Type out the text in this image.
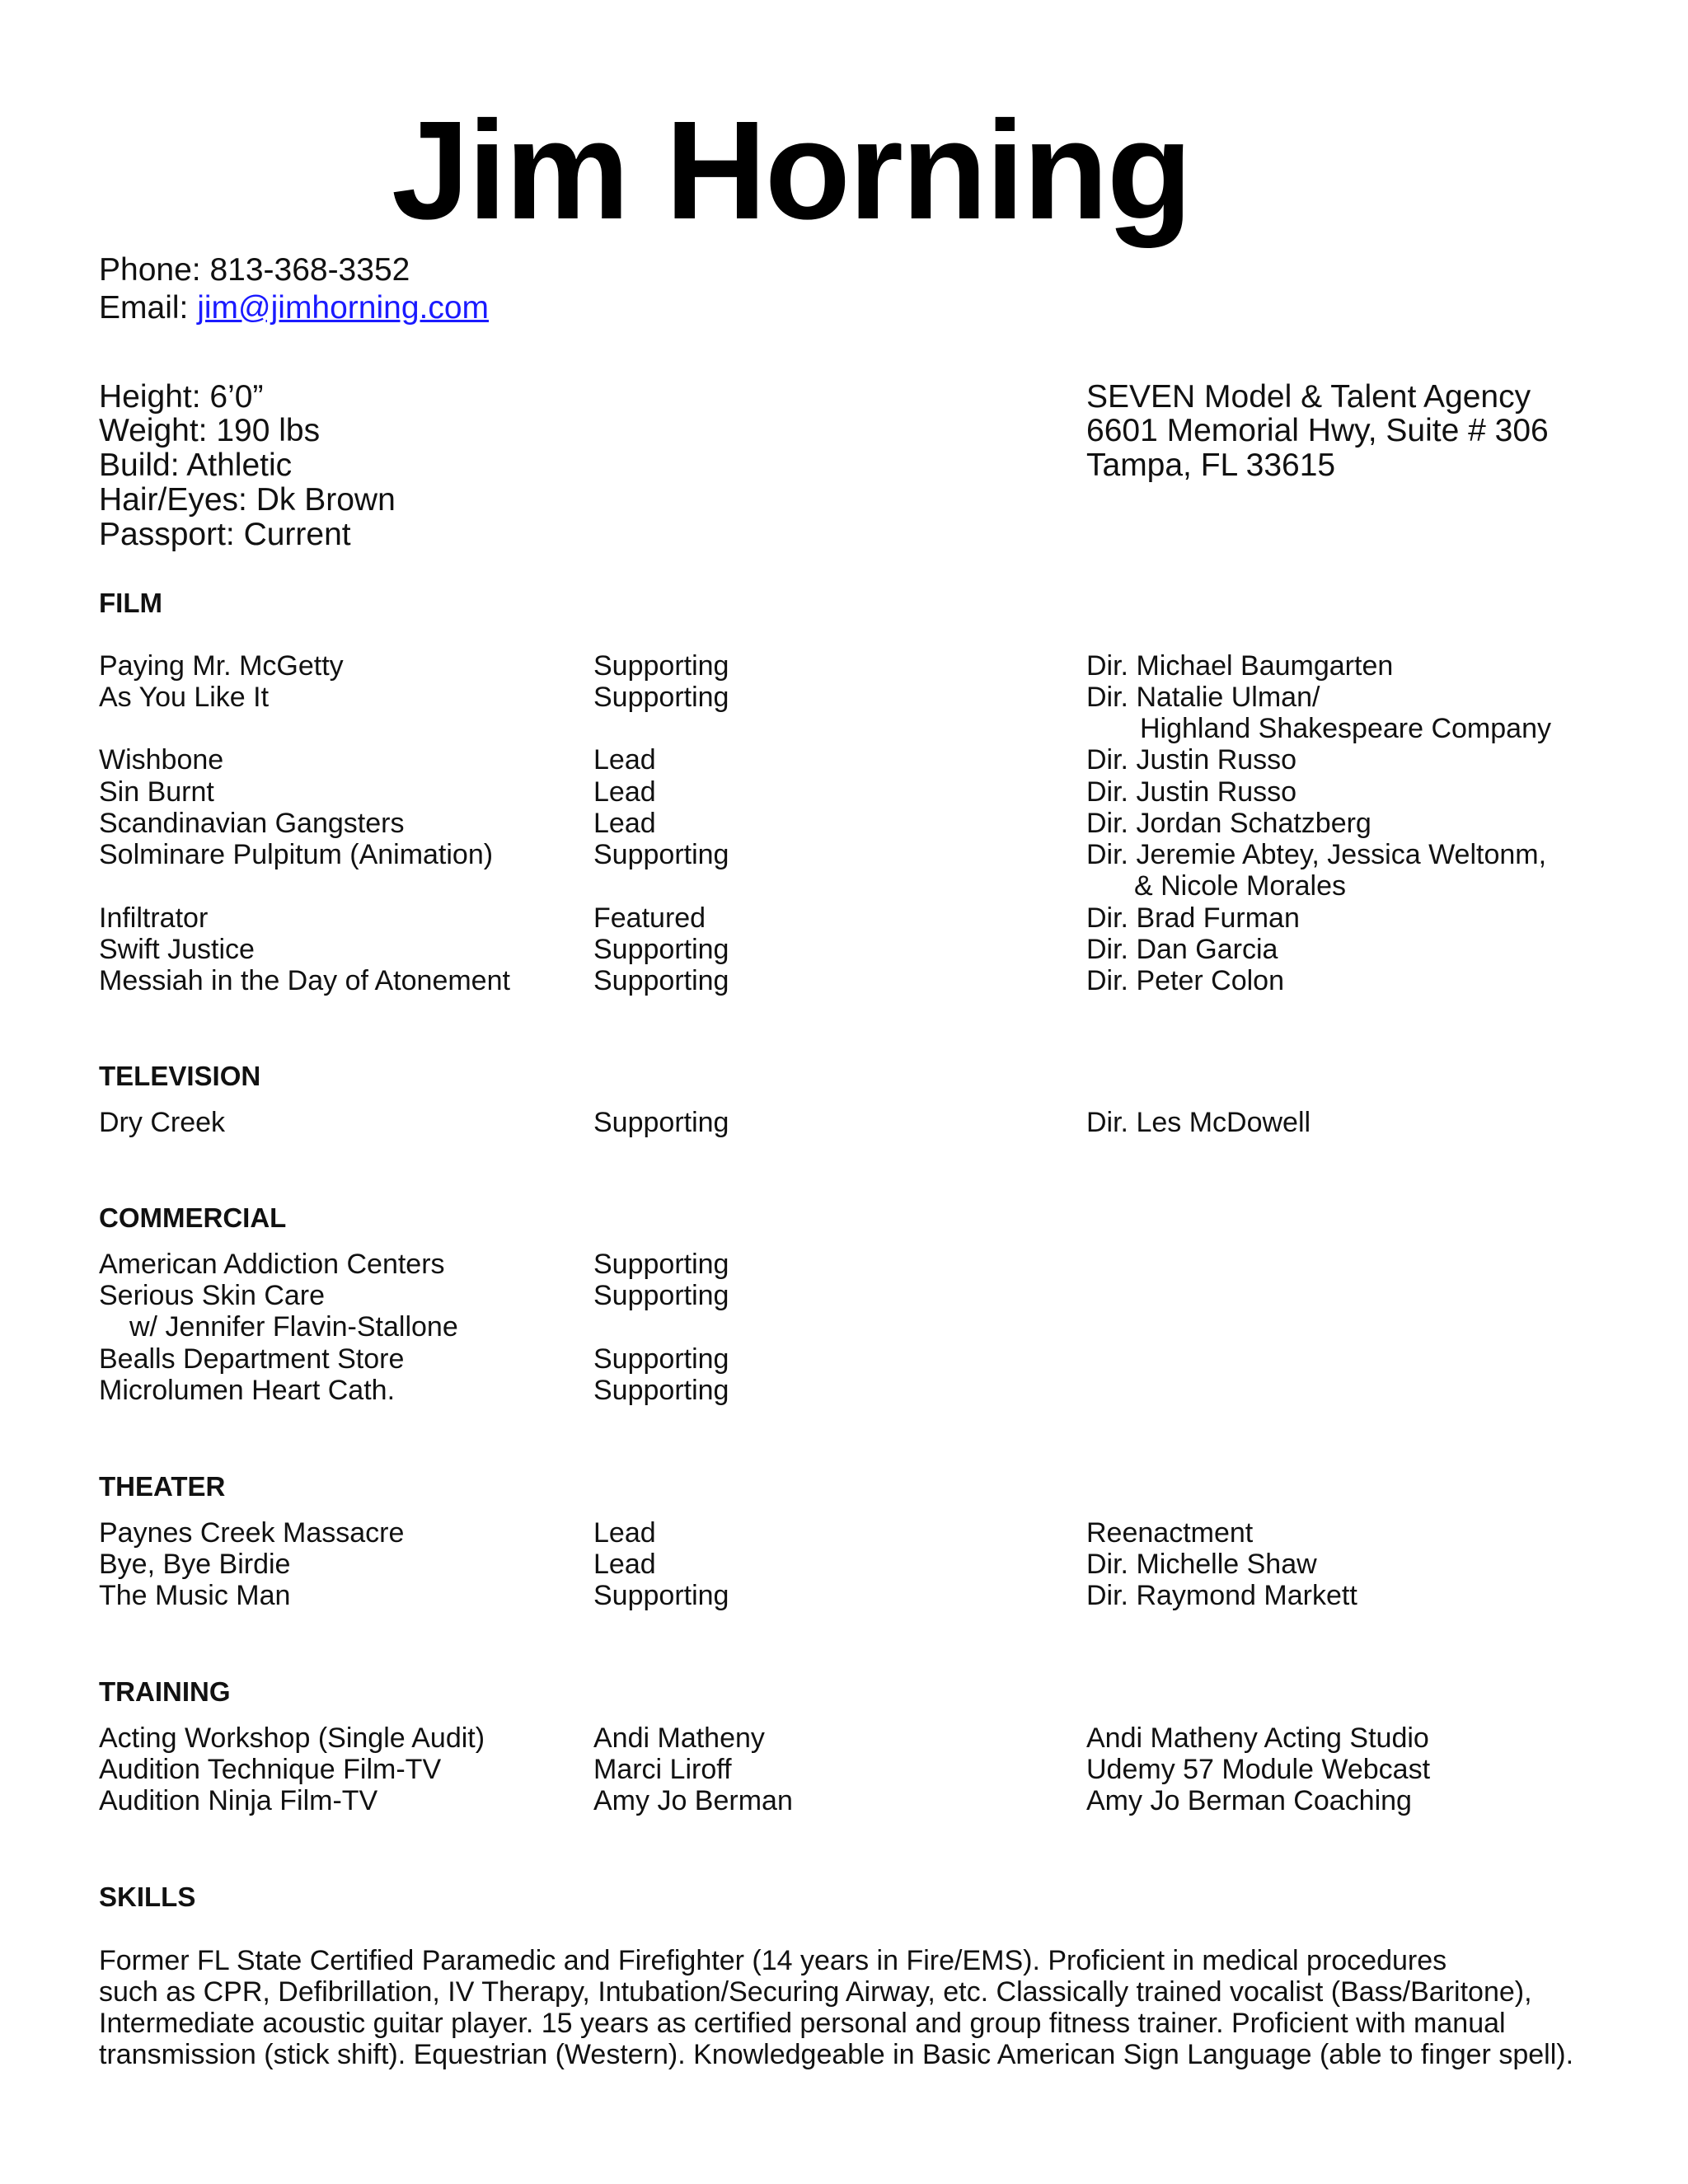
Jim Horning
Phone: 813-368-3352
Email: jim@jimhorning.com
Height: 6’0”
Weight: 190 lbs
Build: Athletic
Hair/Eyes: Dk Brown
Passport: Current
SEVEN Model & Talent Agency
6601 Memorial Hwy, Suite # 306
Tampa, FL 33615
FILM
Paying Mr. McGetty	Supporting	Dir. Michael Baumgarten
As You Like It	Supporting	Dir. Natalie Ulman/
Highland Shakespeare Company
Wishbone	Lead	Dir. Justin Russo
Sin Burnt	Lead	Dir. Justin Russo
Scandinavian Gangsters	Lead	Dir. Jordan Schatzberg
Solminare Pulpitum (Animation)	Supporting	Dir. Jeremie Abtey, Jessica Weltonm,
& Nicole Morales
Infiltrator	Featured	Dir. Brad Furman
Swift Justice	Supporting	Dir. Dan Garcia
Messiah in the Day of Atonement	Supporting	Dir. Peter Colon
TELEVISION
Dry Creek	Supporting	Dir. Les McDowell
COMMERCIAL
American Addiction Centers	Supporting
Serious Skin Care	Supporting
w/ Jennifer Flavin-Stallone
Bealls Department Store	Supporting
Microlumen Heart Cath.	Supporting
THEATER
Paynes Creek Massacre	Lead	Reenactment
Bye, Bye Birdie	Lead	Dir. Michelle Shaw
The Music Man	Supporting	Dir. Raymond Markett
TRAINING
Acting Workshop (Single Audit)	Andi Matheny	Andi Matheny Acting Studio
Audition Technique Film-TV	Marci Liroff	Udemy 57 Module Webcast
Audition Ninja Film-TV	Amy Jo Berman	Amy Jo Berman Coaching
SKILLS
Former FL State Certified Paramedic and Firefighter (14 years in Fire/EMS). Proficient in medical procedures
such as CPR, Defibrillation, IV Therapy, Intubation/Securing Airway, etc. Classically trained vocalist (Bass/Baritone),
Intermediate acoustic guitar player. 15 years as certified personal and group fitness trainer. Proficient with manual
transmission (stick shift). Equestrian (Western). Knowledgeable in Basic American Sign Language (able to finger spell).
